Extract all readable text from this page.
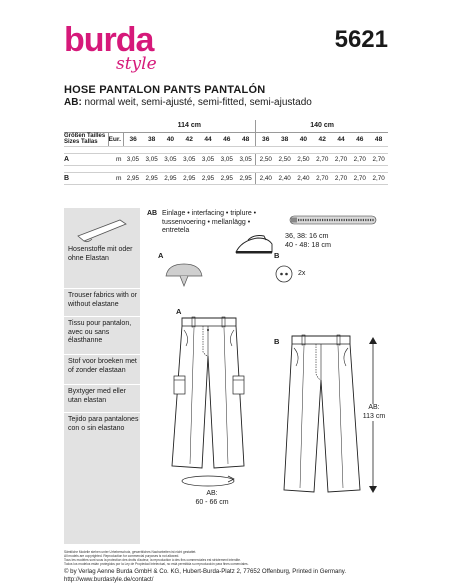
burda
style
5621
HOSE PANTALON PANTS PANTALÓN
AB: normal weit, semi-ajusté, semi-fitted, semi-ajustado
		114 cm							140 cm						
Größen Tailles
Sizes Tallas	Eur.	36	38	40	42	44	46	48	36	38	40	42	44	46	48

A	m	3,05	3,05	3,05	3,05	3,05	3,05	3,05	2,50	2,50	2,50	2,70	2,70	2,70	2,70

B	m	2,95	2,95	2,95	2,95	2,95	2,95	2,95	2,40	2,40	2,40	2,70	2,70	2,70	2,70
Hosenstoffe mit oder ohne Elastan
Trouser fabrics with or without elastane
Tissu pour pantalon, avec ou sans élasthanne
Stof voor broeken met of zonder elastaan
Byxtyger med eller utan elastan
Tejido para pantalones con o sin elastano
AB Einlage • interfacing • triplure •
tussenvoering • mellanlägg •
entretela
36, 38: 16 cm
40 - 48: 18 cm
A	B
2x
A
AB:
60 - 66 cm
B
AB:
113 cm
Sämtliche Modelle stehen unter Urheberschutz, gewerbliches Nacharbeiten ist nicht gestattet.
All models are copyrighted. Reproduction for commercial purposes is not allowed.
Tous les modèles sont sous la protection des droits d'auteur, la reproduction à des fins commerciales est strictement interdite.
Todos los modelos están protegidos por la Ley de Propiedad Intelectual, no está permitida su reproducción para fines comerciales.
© by Verlag Aenne Burda GmbH & Co. KG, Hubert-Burda-Platz 2, 77652 Offenburg, Printed in Germany.
http://www.burdastyle.de/contact/
